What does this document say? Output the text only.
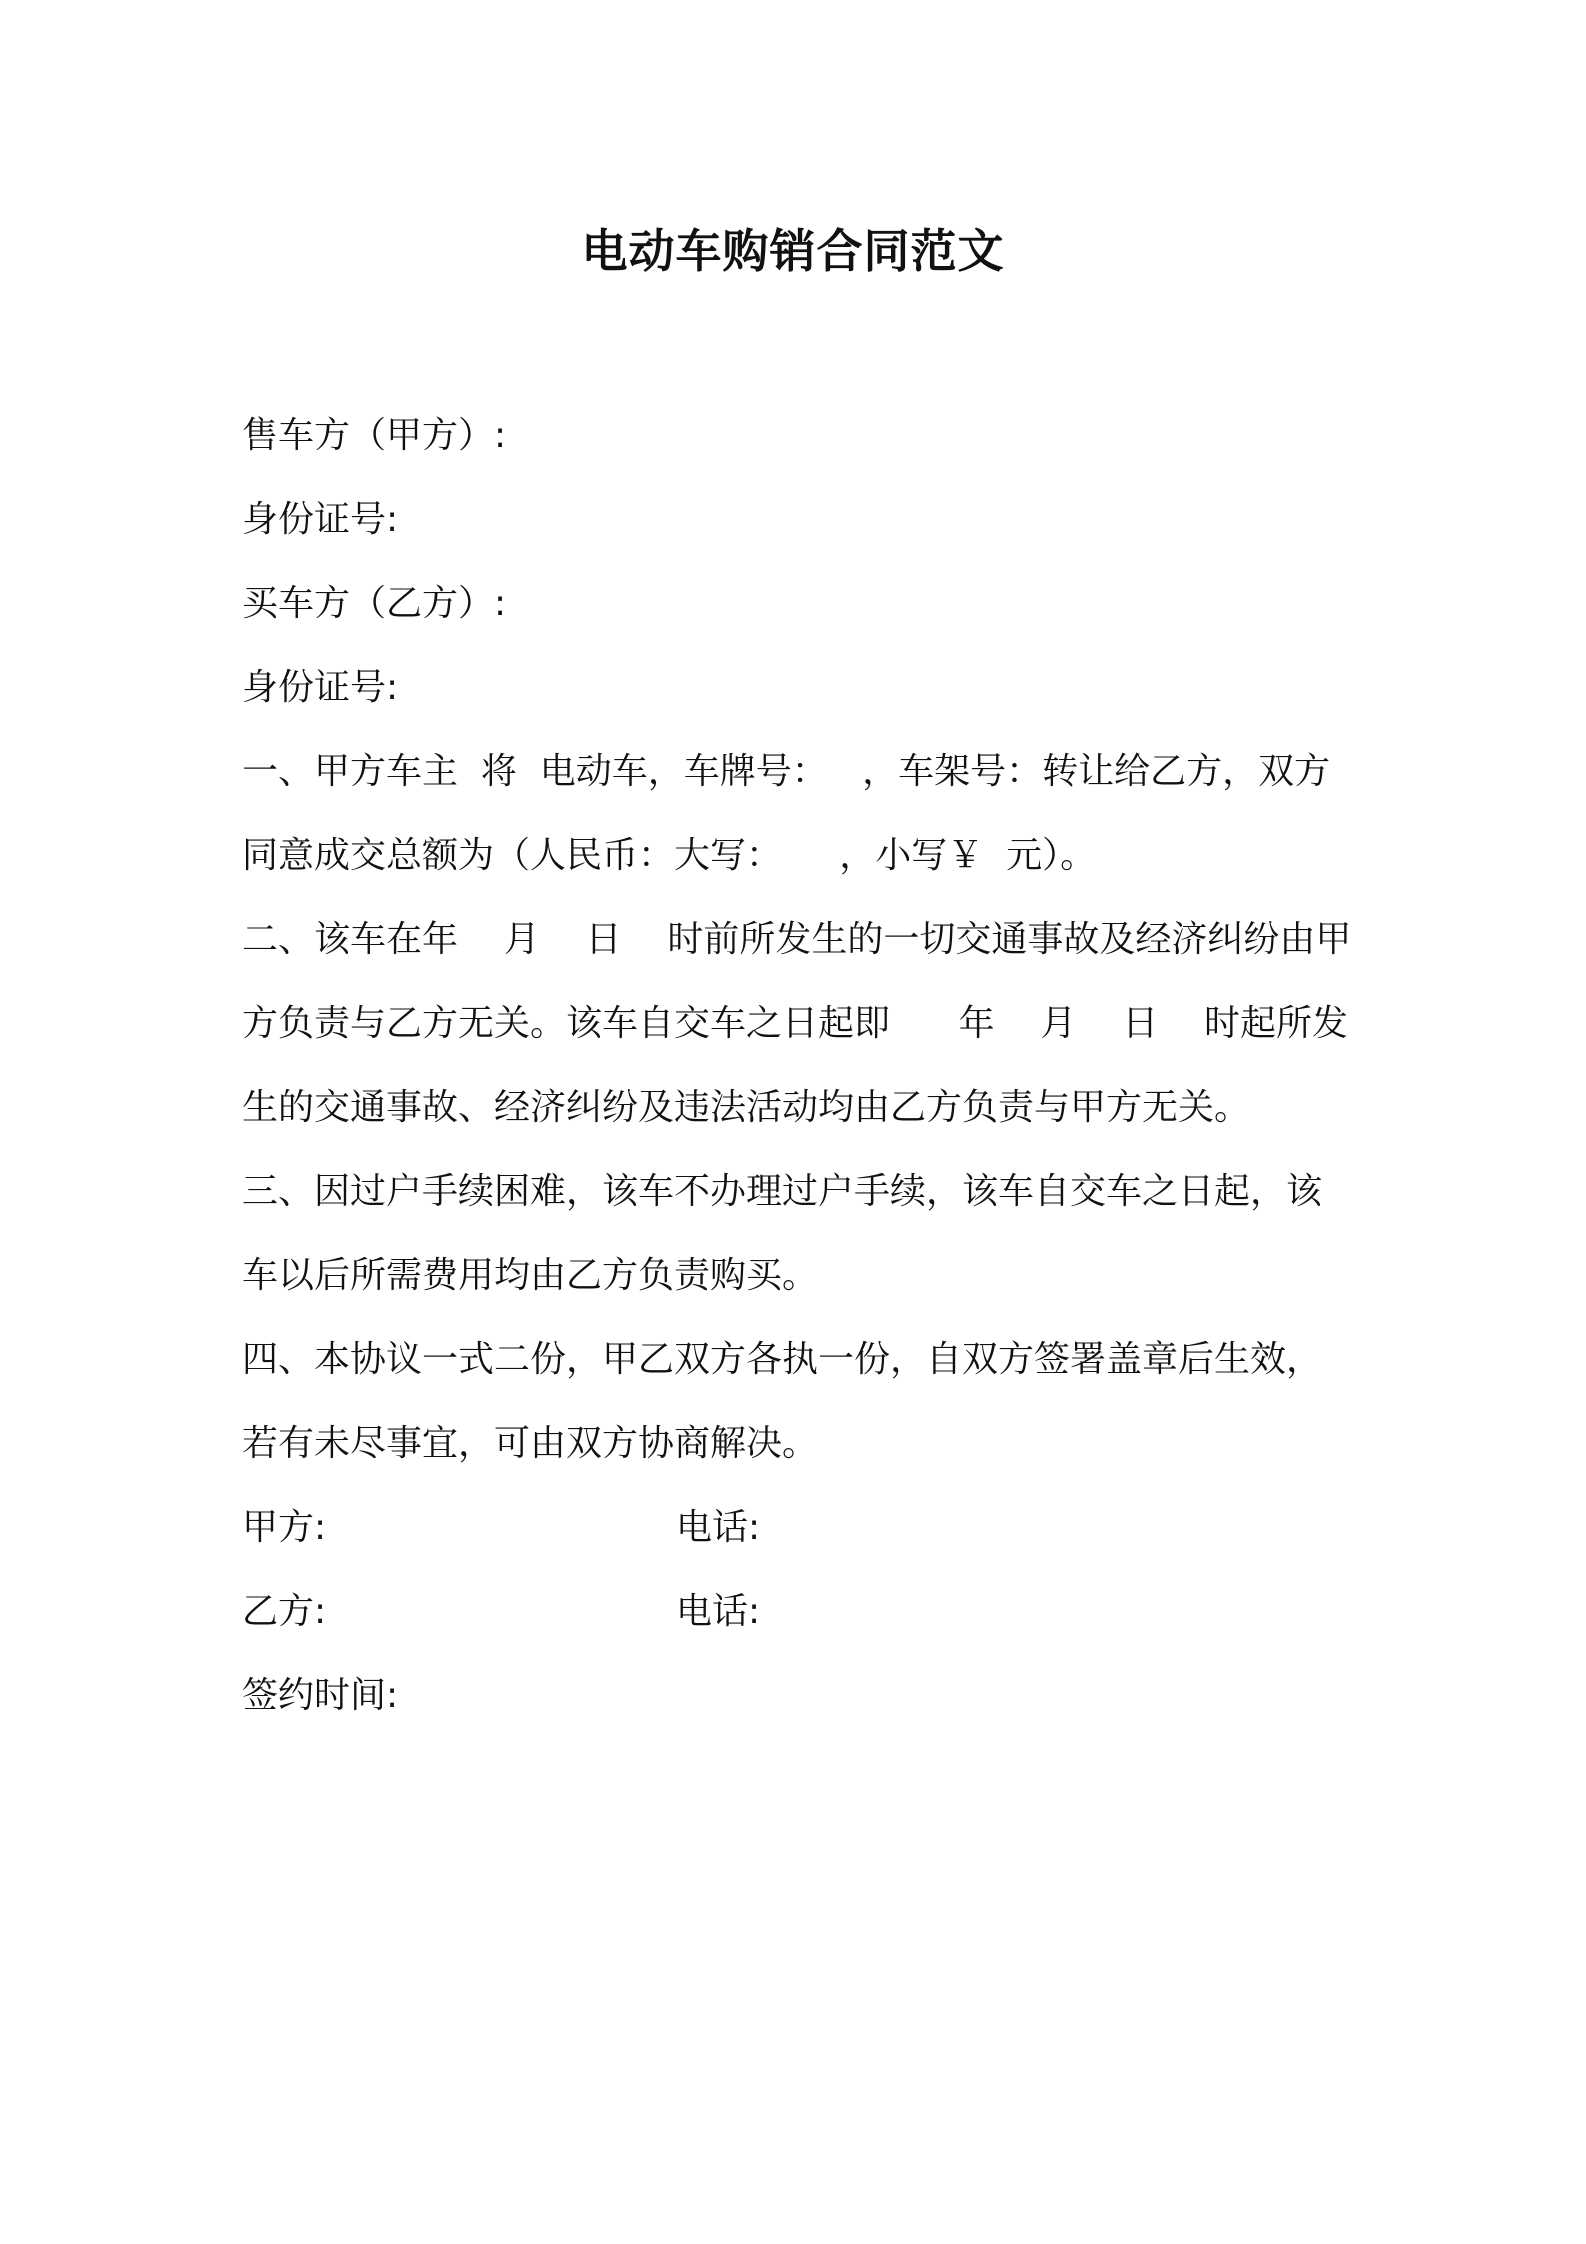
电动车购销合同范文
售车方（甲方）:
身份证号:
买车方（乙方）:
身份证号:
一、甲方车主  将  电动车，车牌号：   ，车架号：转让给乙方，双方
同意成交总额为（人民币：大写：     ，小写￥  元）。
二、该车在年    月    日    时前所发生的一切交通事故及经济纠纷由甲
方负责与乙方无关。该车自交车之日起即      年    月    日    时起所发
生的交通事故、经济纠纷及违法活动均由乙方负责与甲方无关。
三、因过户手续困难，该车不办理过户手续，该车自交车之日起，该
车以后所需费用均由乙方负责购买。
四、本协议一式二份，甲乙双方各执一份，自双方签署盖章后生效，
若有未尽事宜，可由双方协商解决。
甲方:	电话:
乙方:	电话:
签约时间:
